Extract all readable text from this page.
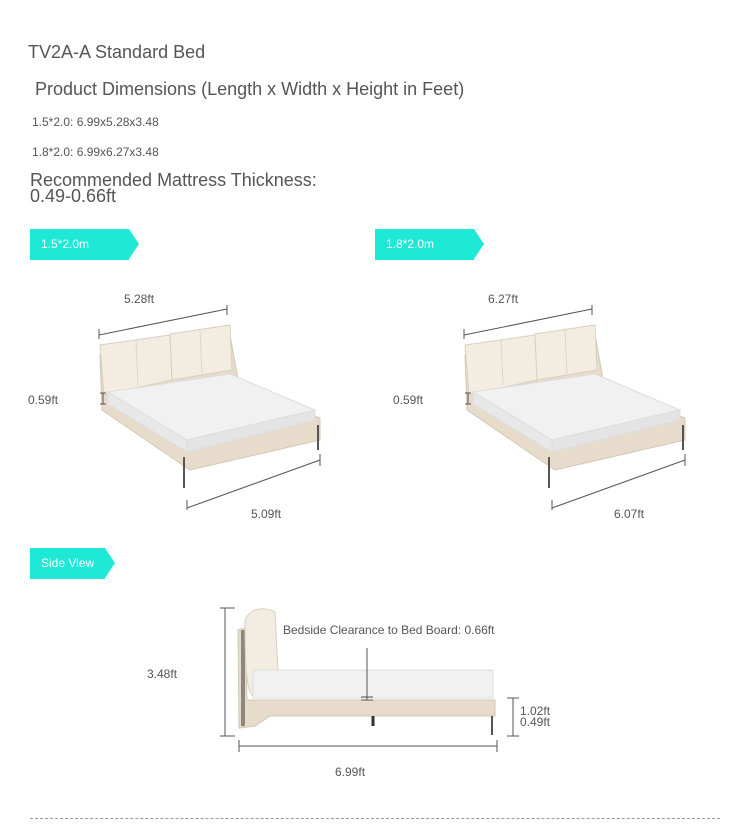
TV2A-A Standard Bed
Product Dimensions (Length x Width x Height in Feet)
1.5*2.0: 6.99x5.28x3.48
1.8*2.0: 6.99x6.27x3.48
Recommended Mattress Thickness:
0.49-0.66ft
1.5*2.0m	1.8*2.0m
5.28ft
0.59ft
5.09ft
6.27ft
0.59ft
6.07ft
Side View
3.48ft
Bedside Clearance to Bed Board: 0.66ft
1.02ft
0.49ft
6.99ft
